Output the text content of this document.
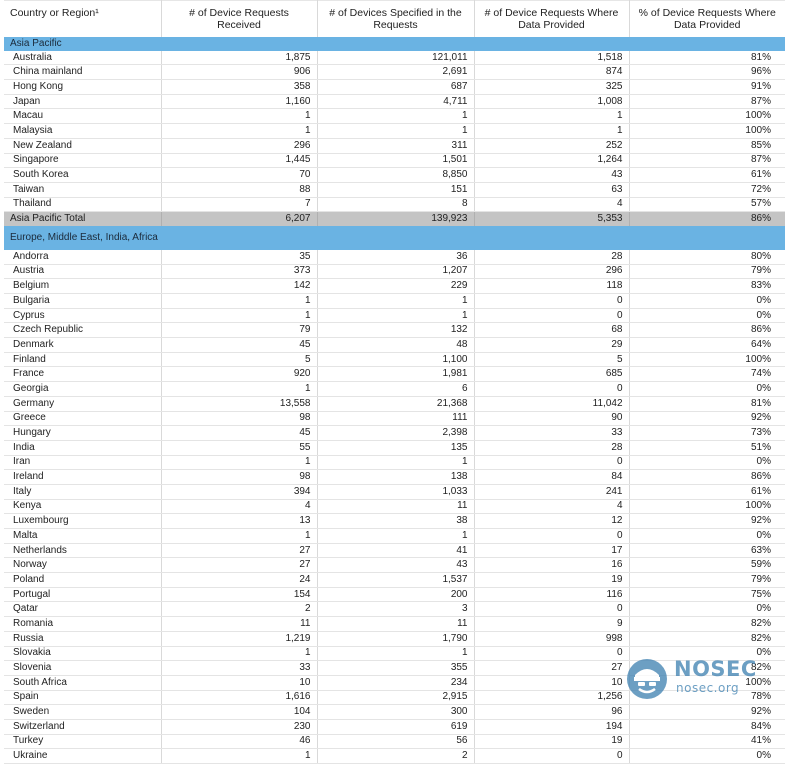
Country or Region¹	# of Device Requests Received	# of Devices Specified in the Requests	# of Device Requests Where Data Provided	% of Device Requests Where Data Provided
Asia Pacific				
Australia	1,875	121,011	1,518	81%
China mainland	906	2,691	874	96%
Hong Kong	358	687	325	91%
Japan	1,160	4,711	1,008	87%
Macau	1	1	1	100%
Malaysia	1	1	1	100%
New Zealand	296	311	252	85%
Singapore	1,445	1,501	1,264	87%
South Korea	70	8,850	43	61%
Taiwan	88	151	63	72%
Thailand	7	8	4	57%
Asia Pacific Total	6,207	139,923	5,353	86%
Europe, Middle East, India, Africa				
Andorra	35	36	28	80%
Austria	373	1,207	296	79%
Belgium	142	229	118	83%
Bulgaria	1	1	0	0%
Cyprus	1	1	0	0%
Czech Republic	79	132	68	86%
Denmark	45	48	29	64%
Finland	5	1,100	5	100%
France	920	1,981	685	74%
Georgia	1	6	0	0%
Germany	13,558	21,368	11,042	81%
Greece	98	111	90	92%
Hungary	45	2,398	33	73%
India	55	135	28	51%
Iran	1	1	0	0%
Ireland	98	138	84	86%
Italy	394	1,033	241	61%
Kenya	4	11	4	100%
Luxembourg	13	38	12	92%
Malta	1	1	0	0%
Netherlands	27	41	17	63%
Norway	27	43	16	59%
Poland	24	1,537	19	79%
Portugal	154	200	116	75%
Qatar	2	3	0	0%
Romania	11	11	9	82%
Russia	1,219	1,790	998	82%
Slovakia	1	1	0	0%
Slovenia	33	355	27	82%
South Africa	10	234	10	100%
Spain	1,616	2,915	1,256	78%
Sweden	104	300	96	92%
Switzerland	230	619	194	84%
Turkey	46	56	19	41%
Ukraine	1	2	0	0%
NOSEC
nosec.org
